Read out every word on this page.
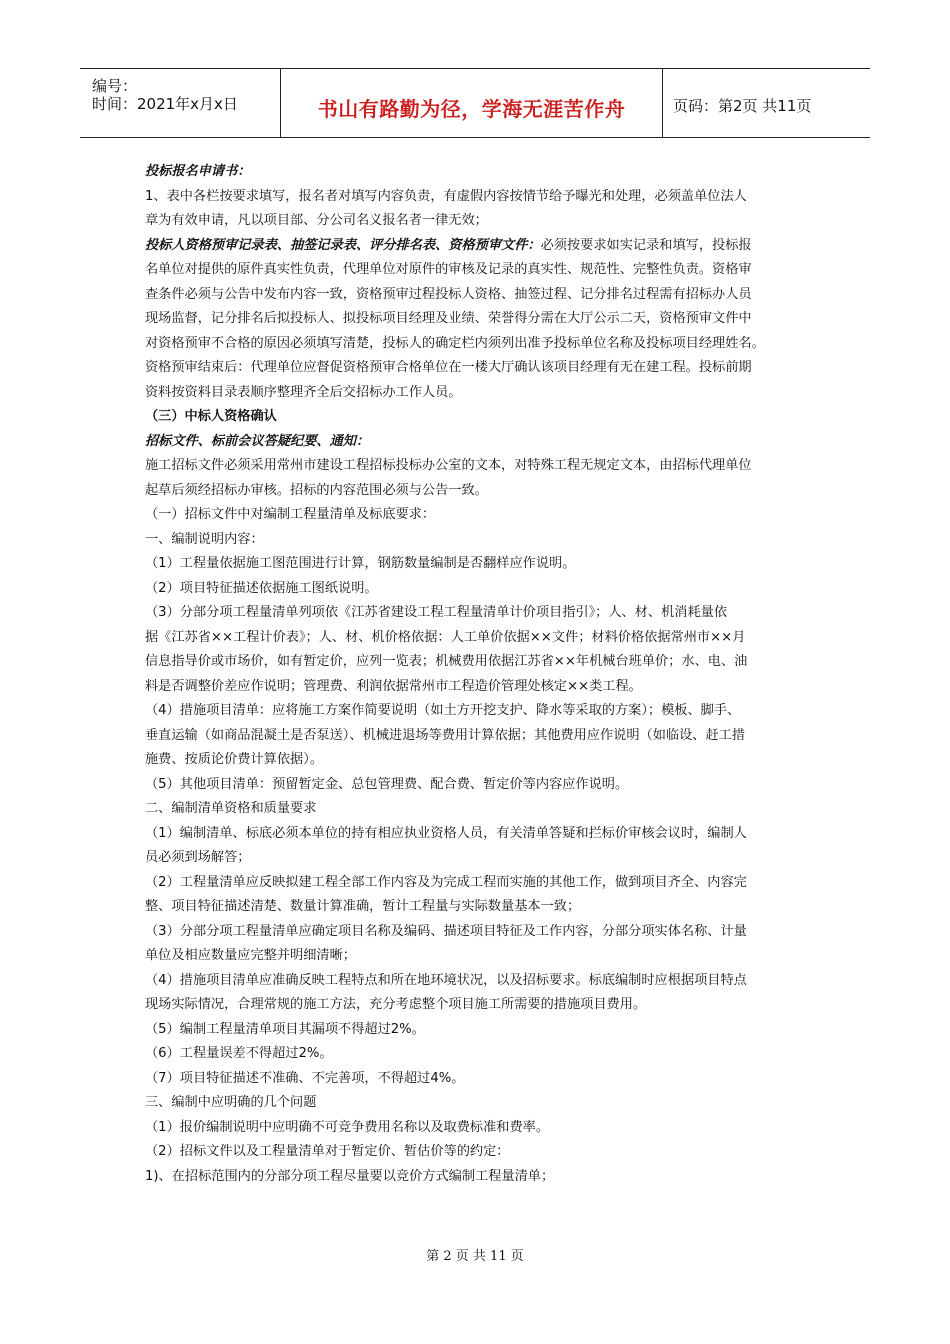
编号：
时间：2021年x月x日	书山有路勤为径，学海无涯苦作舟	页码：第2页 共11页
投标报名申请书：
1、表中各栏按要求填写，报名者对填写内容负责，有虚假内容按情节给予曝光和处理，必须盖单位法人
章为有效申请，凡以项目部、分公司名义报名者一律无效；
投标人资格预审记录表、抽签记录表、评分排名表、资格预审文件：必须按要求如实记录和填写，投标报
名单位对提供的原件真实性负责，代理单位对原件的审核及记录的真实性、规范性、完整性负责。资格审
查条件必须与公告中发布内容一致，资格预审过程投标人资格、抽签过程、记分排名过程需有招标办人员
现场监督，记分排名后拟投标人、拟投标项目经理及业绩、荣誉得分需在大厅公示二天，资格预审文件中
对资格预审不合格的原因必须填写清楚，投标人的确定栏内须列出准予投标单位名称及投标项目经理姓名。
资格预审结束后：代理单位应督促资格预审合格单位在一楼大厅确认该项目经理有无在建工程。投标前期
资料按资料目录表顺序整理齐全后交招标办工作人员。
（三）中标人资格确认
招标文件、标前会议答疑纪要、通知：
施工招标文件必须采用常州市建设工程招标投标办公室的文本，对特殊工程无规定文本，由招标代理单位
起草后须经招标办审核。招标的内容范围必须与公告一致。
（一）招标文件中对编制工程量清单及标底要求：
一、编制说明内容：
（1）工程量依据施工图范围进行计算，钢筋数量编制是否翻样应作说明。
（2）项目特征描述依据施工图纸说明。
（3）分部分项工程量清单列项依《江苏省建设工程工程量清单计价项目指引》；人、材、机消耗量依
据《江苏省××工程计价表》；人、材、机价格依据：人工单价依据××文件；材料价格依据常州市××月
信息指导价或市场价，如有暂定价，应列一览表；机械费用依据江苏省××年机械台班单价；水、电、油
料是否调整价差应作说明；管理费、利润依据常州市工程造价管理处核定××类工程。
（4）措施项目清单：应将施工方案作简要说明（如土方开挖支护、降水等采取的方案）；模板、脚手、
垂直运输（如商品混凝土是否泵送）、机械进退场等费用计算依据；其他费用应作说明（如临设、赶工措
施费、按质论价费计算依据）。
（5）其他项目清单：预留暂定金、总包管理费、配合费、暂定价等内容应作说明。
二、编制清单资格和质量要求
（1）编制清单、标底必须本单位的持有相应执业资格人员，有关清单答疑和拦标价审核会议时，编制人
员必须到场解答；
（2）工程量清单应反映拟建工程全部工作内容及为完成工程而实施的其他工作，做到项目齐全、内容完
整、项目特征描述清楚、数量计算准确，暂计工程量与实际数量基本一致；
（3）分部分项工程量清单应确定项目名称及编码、描述项目特征及工作内容，分部分项实体名称、计量
单位及相应数量应完整并明细清晰；
（4）措施项目清单应准确反映工程特点和所在地环境状况，以及招标要求。标底编制时应根据项目特点
现场实际情况，合理常规的施工方法，充分考虑整个项目施工所需要的措施项目费用。
（5）编制工程量清单项目其漏项不得超过2%。
（6）工程量误差不得超过2%。
（7）项目特征描述不准确、不完善项，不得超过4%。
三、编制中应明确的几个问题
（1）报价编制说明中应明确不可竞争费用名称以及取费标准和费率。
（2）招标文件以及工程量清单对于暂定价、暂估价等的约定：
1)、在招标范围内的分部分项工程尽量要以竞价方式编制工程量清单；
第 2 页 共 11 页
